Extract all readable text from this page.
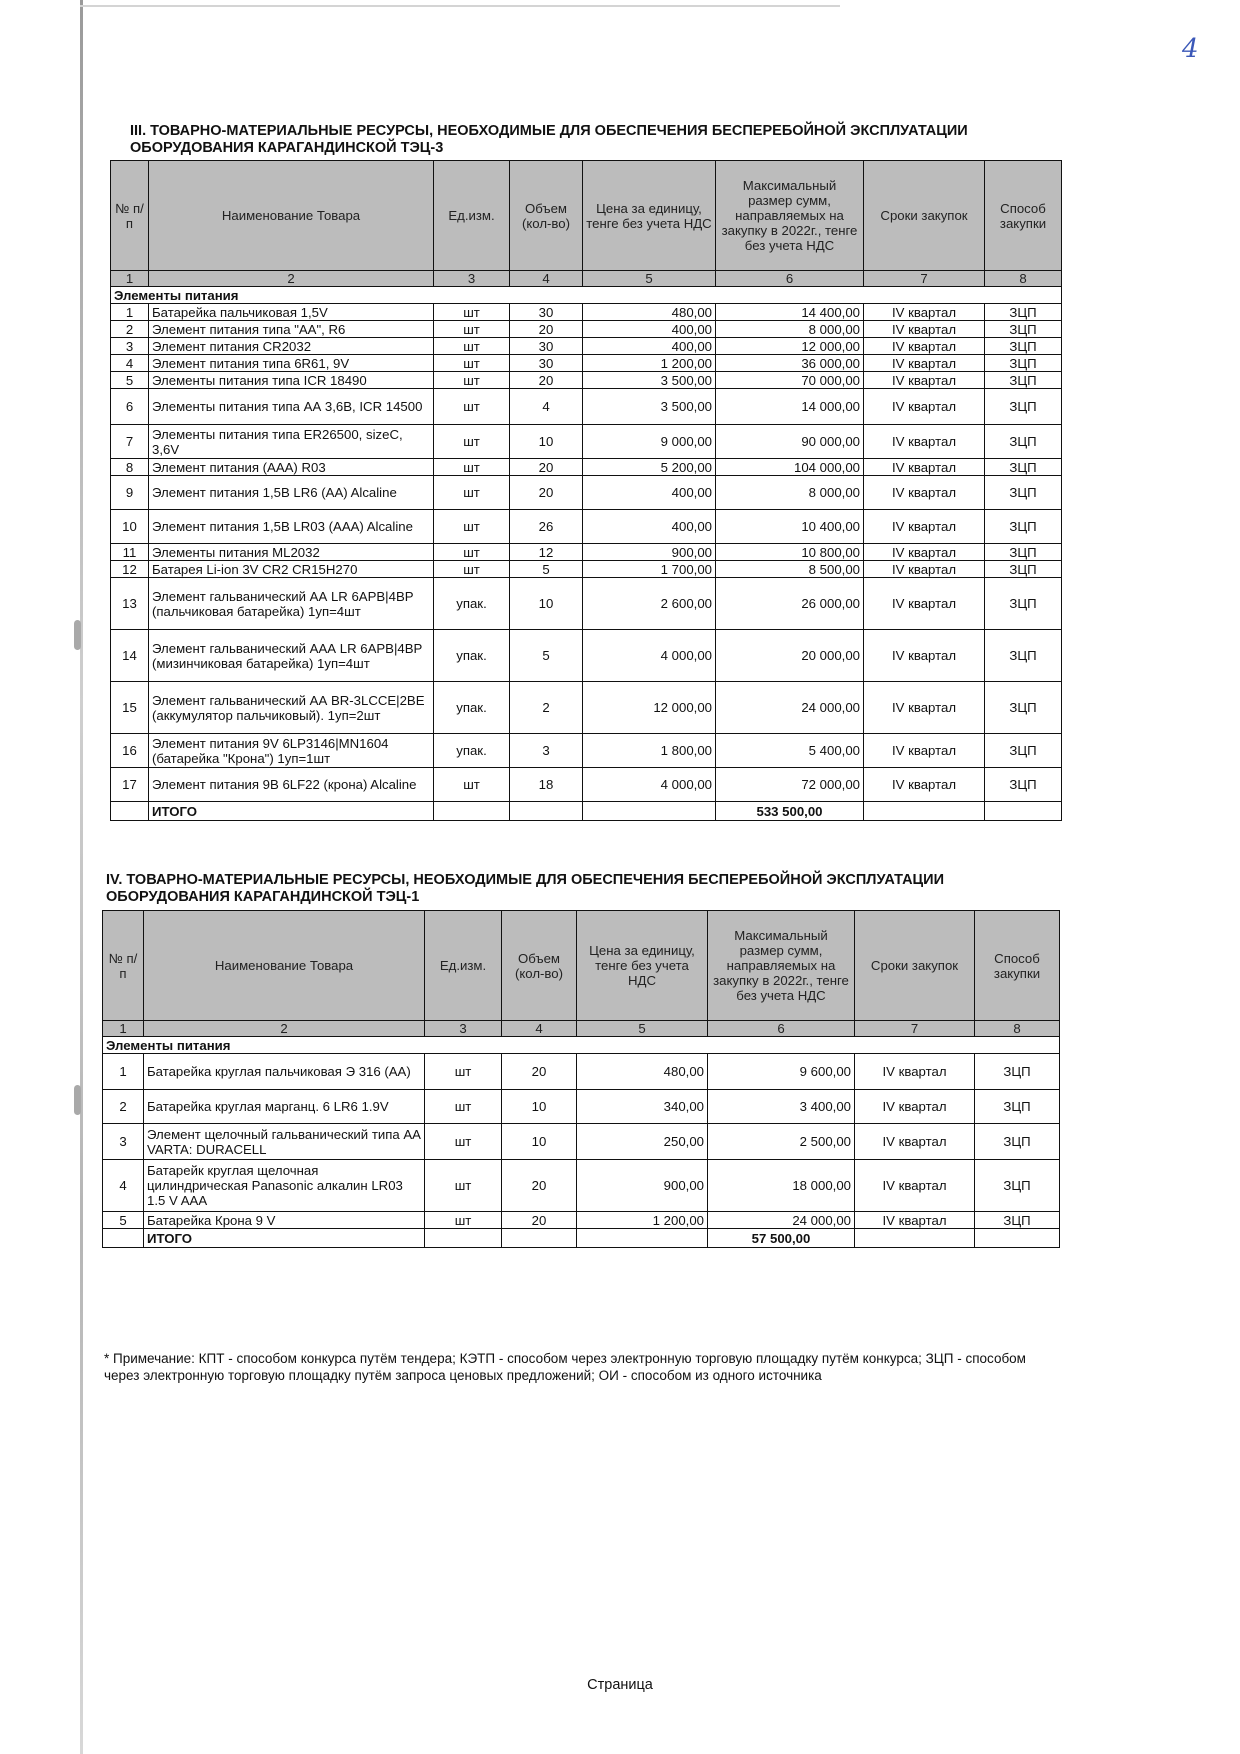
4

III. ТОВАРНО-МАТЕРИАЛЬНЫЕ РЕСУРСЫ, НЕОБХОДИМЫЕ ДЛЯ ОБЕСПЕЧЕНИЯ БЕСПЕРЕБОЙНОЙ ЭКСПЛУАТАЦИИ ОБОРУДОВАНИЯ КАРАГАНДИНСКОЙ ТЭЦ-3

№ п/п	Наименование Товара	Ед.изм.	Объем (кол-во)	Цена за единицу, тенге без учета НДС	Максимальный размер сумм, направляемых на закупку в 2022г., тенге без учета НДС	Сроки закупок	Способ закупки
1	2	3	4	5	6	7	8
Элементы питания							
1	Батарейка пальчиковая 1,5V	шт	30	480,00	14 400,00	IV квартал	ЗЦП
2	Элемент питания типа "АА", R6	шт	20	400,00	8 000,00	IV квартал	ЗЦП
3	Элемент питания CR2032	шт	30	400,00	12 000,00	IV квартал	ЗЦП
4	Элемент питания типа 6R61, 9V	шт	30	1 200,00	36 000,00	IV квартал	ЗЦП
5	Элементы питания типа ICR 18490	шт	20	3 500,00	70 000,00	IV квартал	ЗЦП
6	Элементы питания типа АА 3,6В, ICR 14500	шт	4	3 500,00	14 000,00	IV квартал	ЗЦП
7	Элементы питания типа ER26500, sizeC, 3,6V	шт	10	9 000,00	90 000,00	IV квартал	ЗЦП
8	Элемент питания (ААА) R03	шт	20	5 200,00	104 000,00	IV квартал	ЗЦП
9	Элемент питания 1,5В LR6 (AA) Alcaline	шт	20	400,00	8 000,00	IV квартал	ЗЦП
10	Элемент питания 1,5В LR03 (AAA) Alcaline	шт	26	400,00	10 400,00	IV квартал	ЗЦП
11	Элементы питания ML2032	шт	12	900,00	10 800,00	IV квартал	ЗЦП
12	Батарея Li-ion 3V CR2 CR15H270	шт	5	1 700,00	8 500,00	IV квартал	ЗЦП
13	Элемент гальванический АА LR 6APB|4BP (пальчиковая батарейка) 1уп=4шт	упак.	10	2 600,00	26 000,00	IV квартал	ЗЦП
14	Элемент гальванический ААА LR 6APB|4BP (мизинчиковая батарейка) 1уп=4шт	упак.	5	4 000,00	20 000,00	IV квартал	ЗЦП
15	Элемент гальванический АА BR-3LCCE|2BE (аккумулятор пальчиковый). 1уп=2шт	упак.	2	12 000,00	24 000,00	IV квартал	ЗЦП
16	Элемент питания 9V 6LP3146|MN1604 (батарейка "Крона") 1уп=1шт	упак.	3	1 800,00	5 400,00	IV квартал	ЗЦП
17	Элемент питания 9В 6LF22 (крона) Alcaline	шт	18	4 000,00	72 000,00	IV квартал	ЗЦП
	ИТОГО				533 500,00		

IV. ТОВАРНО-МАТЕРИАЛЬНЫЕ РЕСУРСЫ, НЕОБХОДИМЫЕ ДЛЯ ОБЕСПЕЧЕНИЯ БЕСПЕРЕБОЙНОЙ ЭКСПЛУАТАЦИИ ОБОРУДОВАНИЯ КАРАГАНДИНСКОЙ ТЭЦ-1

№ п/п	Наименование Товара	Ед.изм.	Объем (кол-во)	Цена за единицу, тенге без учета НДС	Максимальный размер сумм, направляемых на закупку в 2022г., тенге без учета НДС	Сроки закупок	Способ закупки
1	2	3	4	5	6	7	8
Элементы питания							
1	Батарейка круглая пальчиковая Э 316 (АА)	шт	20	480,00	9 600,00	IV квартал	ЗЦП
2	Батарейка круглая марганц. 6 LR6 1.9V	шт	10	340,00	3 400,00	IV квартал	ЗЦП
3	Элемент щелочный гальванический типа AA VARTA: DURACELL	шт	10	250,00	2 500,00	IV квартал	ЗЦП
4	Батарейк круглая щелочная цилиндрическая Panasonic алкалин LR03 1.5 V AAA	шт	20	900,00	18 000,00	IV квартал	ЗЦП
5	Батарейка Крона 9 V	шт	20	1 200,00	24 000,00	IV квартал	ЗЦП
	ИТОГО				57 500,00		

* Примечание: КПТ - способом конкурса путём тендера; КЭТП - способом через электронную торговую площадку путём конкурса; ЗЦП - способом через электронную торговую площадку путём запроса ценовых предложений; ОИ - способом из одного источника

Страница
